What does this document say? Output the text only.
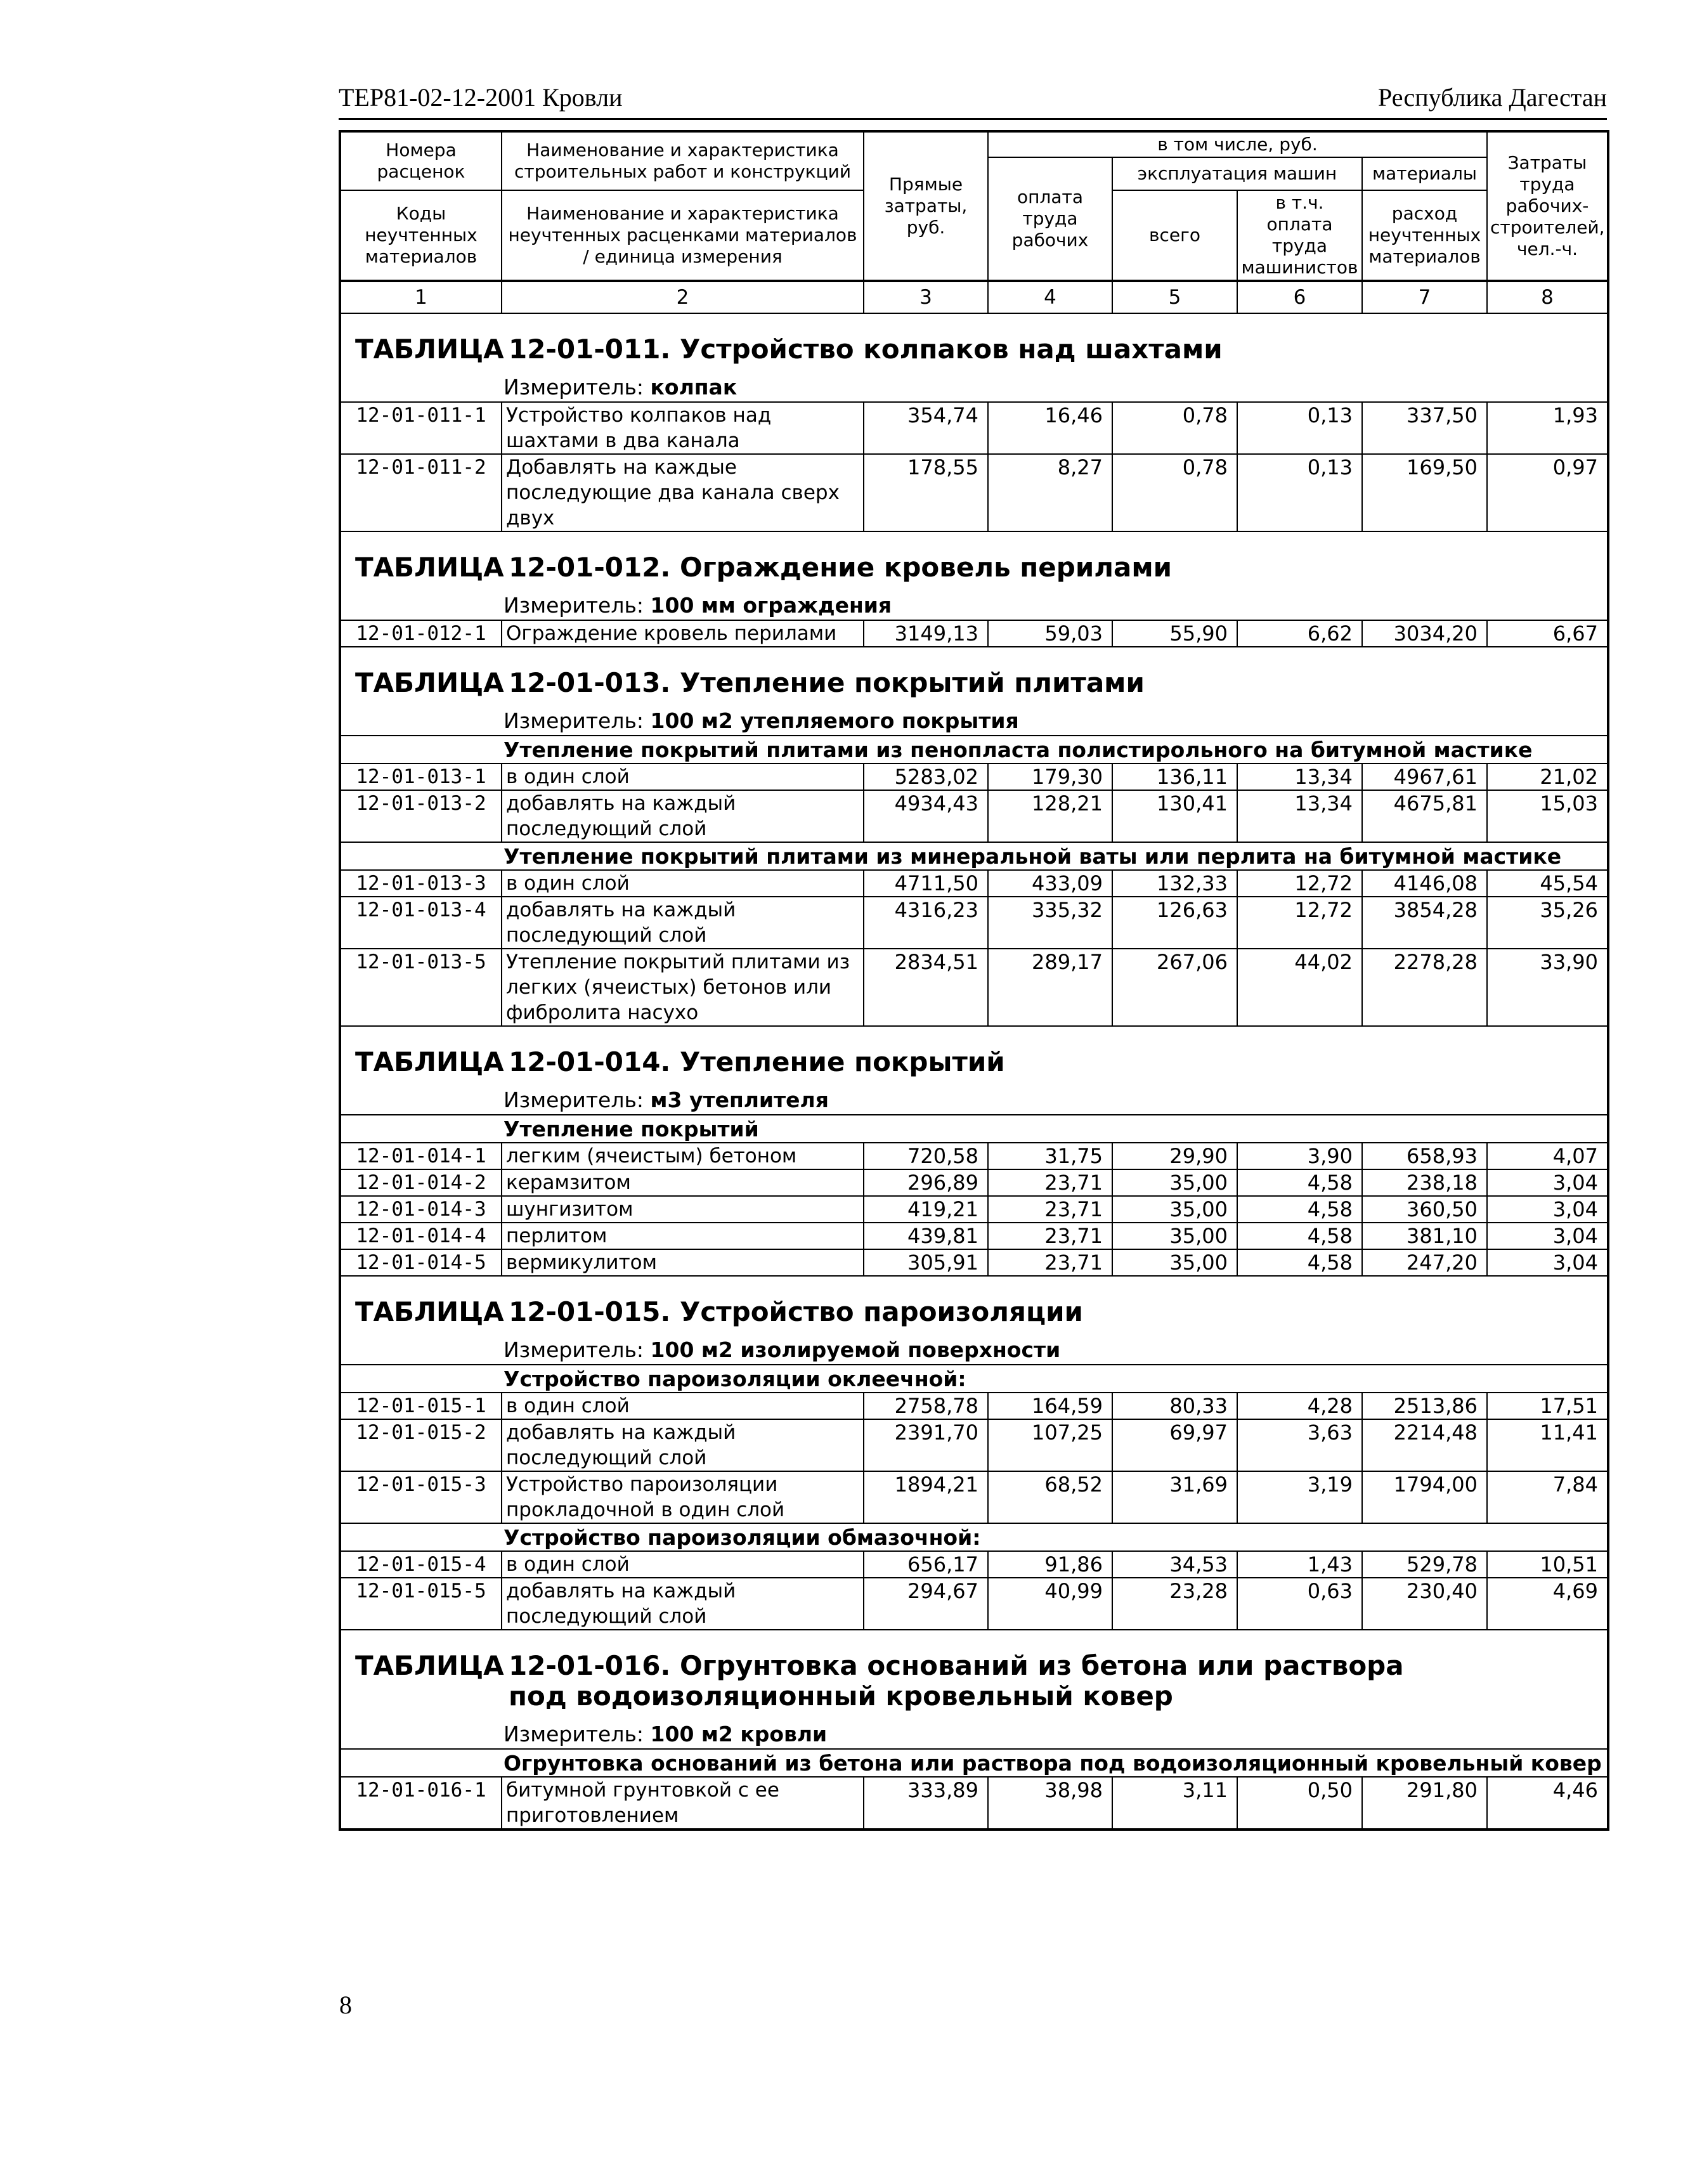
ТЕР81-02-12-2001 Кровли	Республика Дагестан
Номера расценок	Наименование и характеристика строительных работ и конструкций	Прямые затраты, руб.	в том числе, руб.				Затраты труда рабочих-строителей, чел.-ч.
			оплата труда рабочих	эксплуатация машин		материалы	
Коды неучтенных материалов	Наименование и характеристика неучтенных расценками материалов / единица измерения			всего	в т.ч. оплата труда машинистов	расход неучтенных материалов	

1	2	3	4	5	6	7	8
ТАБЛИЦА 12-01-011. Устройство колпаков над шахтами							
Измеритель: колпак							
12-01-011-1	Устройство колпаков над шахтами в два канала	354,74	16,46	0,78	0,13	337,50	1,93
12-01-011-2	Добавлять на каждые последующие два канала сверх двух	178,55	8,27	0,78	0,13	169,50	0,97
ТАБЛИЦА 12-01-012. Ограждение кровель перилами							
Измеритель: 100 мм ограждения							
12-01-012-1	Ограждение кровель перилами	3149,13	59,03	55,90	6,62	3034,20	6,67
ТАБЛИЦА 12-01-013. Утепление покрытий плитами							
Измеритель: 100 м2 утепляемого покрытия							
Утепление покрытий плитами из пенопласта полистирольного на битумной мастике							
12-01-013-1	в один слой	5283,02	179,30	136,11	13,34	4967,61	21,02
12-01-013-2	добавлять на каждый последующий слой	4934,43	128,21	130,41	13,34	4675,81	15,03
Утепление покрытий плитами из минеральной ваты или перлита на битумной мастике							
12-01-013-3	в один слой	4711,50	433,09	132,33	12,72	4146,08	45,54
12-01-013-4	добавлять на каждый последующий слой	4316,23	335,32	126,63	12,72	3854,28	35,26
12-01-013-5	Утепление покрытий плитами из легких (ячеистых) бетонов или фибролита насухо	2834,51	289,17	267,06	44,02	2278,28	33,90
ТАБЛИЦА 12-01-014. Утепление покрытий							
Измеритель: м3 утеплителя							
Утепление покрытий							
12-01-014-1	легким (ячеистым) бетоном	720,58	31,75	29,90	3,90	658,93	4,07
12-01-014-2	керамзитом	296,89	23,71	35,00	4,58	238,18	3,04
12-01-014-3	шунгизитом	419,21	23,71	35,00	4,58	360,50	3,04
12-01-014-4	перлитом	439,81	23,71	35,00	4,58	381,10	3,04
12-01-014-5	вермикулитом	305,91	23,71	35,00	4,58	247,20	3,04
ТАБЛИЦА 12-01-015. Устройство пароизоляции							
Измеритель: 100 м2 изолируемой поверхности							
Устройство пароизоляции оклеечной:							
12-01-015-1	в один слой	2758,78	164,59	80,33	4,28	2513,86	17,51
12-01-015-2	добавлять на каждый последующий слой	2391,70	107,25	69,97	3,63	2214,48	11,41
12-01-015-3	Устройство пароизоляции прокладочной в один слой	1894,21	68,52	31,69	3,19	1794,00	7,84
Устройство пароизоляции обмазочной:							
12-01-015-4	в один слой	656,17	91,86	34,53	1,43	529,78	10,51
12-01-015-5	добавлять на каждый последующий слой	294,67	40,99	23,28	0,63	230,40	4,69
ТАБЛИЦА 12-01-016. Огрунтовка оснований из бетона или раствора под водоизоляционный кровельный ковер							
Измеритель: 100 м2 кровли							
Огрунтовка оснований из бетона или раствора под водоизоляционный кровельный ковер							
12-01-016-1	битумной грунтовкой с ее приготовлением	333,89	38,98	3,11	0,50	291,80	4,46
8
